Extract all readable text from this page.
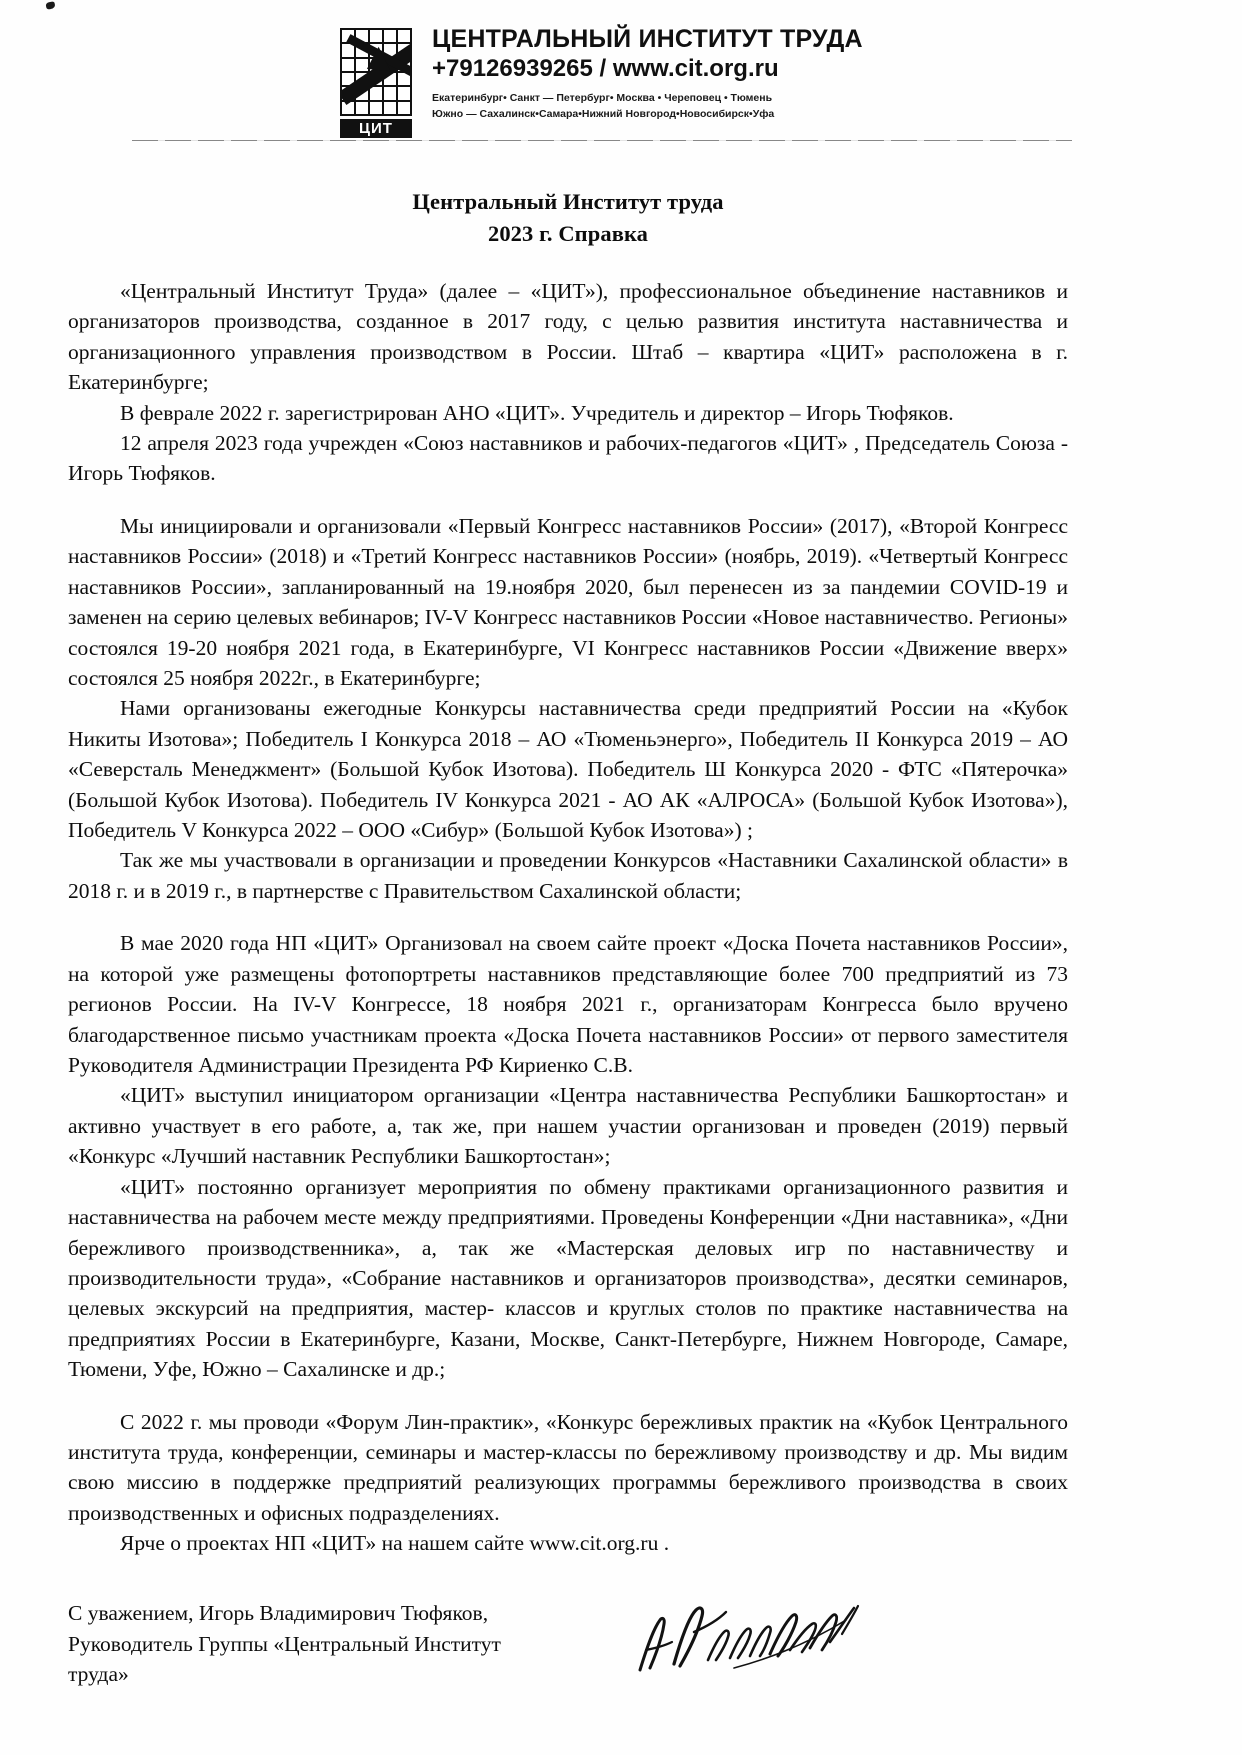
ЦИТ
ЦЕНТРАЛЬНЫЙ ИНСТИТУТ ТРУДА
+79126939265 / www.cit.org.ru
Екатеринбург• Санкт — Петербург• Москва • Череповец • Тюмень
Южно — Сахалинск•Самара•Нижний Новгород•Новосибирск•Уфа
Центральный Институт труда
2023 г. Справка

«Центральный Институт Труда» (далее – «ЦИТ»), профессиональное объединение наставников и организаторов производства, созданное в 2017 году, с целью развития института наставничества и организационного управления производством в России. Штаб – квартира «ЦИТ» расположена в г. Екатеринбурге;

В феврале 2022 г. зарегистрирован АНО «ЦИТ». Учредитель и директор – Игорь Тюфяков.

12 апреля 2023 года учрежден «Союз наставников и рабочих-педагогов «ЦИТ» , Председатель Союза - Игорь Тюфяков.

Мы инициировали и организовали «Первый Конгресс наставников России» (2017), «Второй Конгресс наставников России» (2018) и «Третий Конгресс наставников России» (ноябрь, 2019). «Четвертый Конгресс наставников России», запланированный на 19.ноября 2020, был перенесен из за пандемии COVID-19 и заменен на серию целевых вебинаров; IV-V Конгресс наставников России «Новое наставничество. Регионы» состоялся 19-20 ноября 2021 года, в Екатеринбурге, VI Конгресс наставников России «Движение вверх» состоялся 25 ноября 2022г., в Екатеринбурге;

Нами организованы ежегодные Конкурсы наставничества среди предприятий России на «Кубок Никиты Изотова»; Победитель I Конкурса 2018 – АО «Тюменьэнерго», Победитель II Конкурса 2019 – АО «Северсталь Менеджмент» (Большой Кубок Изотова). Победитель Ш Конкурса 2020 - ФТС «Пятерочка» (Большой Кубок Изотова). Победитель IV Конкурса 2021 - АО АК «АЛРОСА» (Большой Кубок Изотова»), Победитель V Конкурса 2022 – ООО «Сибур» (Большой Кубок Изотова») ;

Так же мы участвовали в организации и проведении Конкурсов «Наставники Сахалинской области» в 2018 г. и в 2019 г., в партнерстве с Правительством Сахалинской области;

В мае 2020 года НП «ЦИТ» Организовал на своем сайте проект «Доска Почета наставников России», на которой уже размещены фотопортреты наставников представляющие более 700 предприятий из 73 регионов России. На IV-V Конгрессе, 18 ноября 2021 г., организаторам Конгресса было вручено благодарственное письмо участникам проекта «Доска Почета наставников России» от первого заместителя Руководителя Администрации Президента РФ Кириенко С.В.

«ЦИТ» выступил инициатором организации «Центра наставничества Республики Башкортостан» и активно участвует в его работе, а, так же, при нашем участии организован и проведен (2019) первый «Конкурс «Лучший наставник Республики Башкортостан»;

«ЦИТ» постоянно организует мероприятия по обмену практиками организационного развития и наставничества на рабочем месте между предприятиями. Проведены Конференции «Дни наставника», «Дни бережливого производственника», а, так же «Мастерская деловых игр по наставничеству и производительности труда», «Собрание наставников и организаторов производства», десятки семинаров, целевых экскурсий на предприятия, мастер- классов и круглых столов по практике наставничества на предприятиях России в Екатеринбурге, Казани, Москве, Санкт-Петербурге, Нижнем Новгороде, Самаре, Тюмени, Уфе, Южно – Сахалинске и др.;

С 2022 г. мы проводи «Форум Лин-практик», «Конкурс бережливых практик на «Кубок Центрального института труда, конференции, семинары и мастер-классы по бережливому производству и др. Мы видим свою миссию в поддержке предприятий реализующих программы бережливого производства в своих производственных и офисных подразделениях.

Ярче о проектах НП «ЦИТ» на нашем сайте www.cit.org.ru .

С уважением, Игорь Владимирович Тюфяков,
Руководитель Группы «Центральный Институт
труда»
